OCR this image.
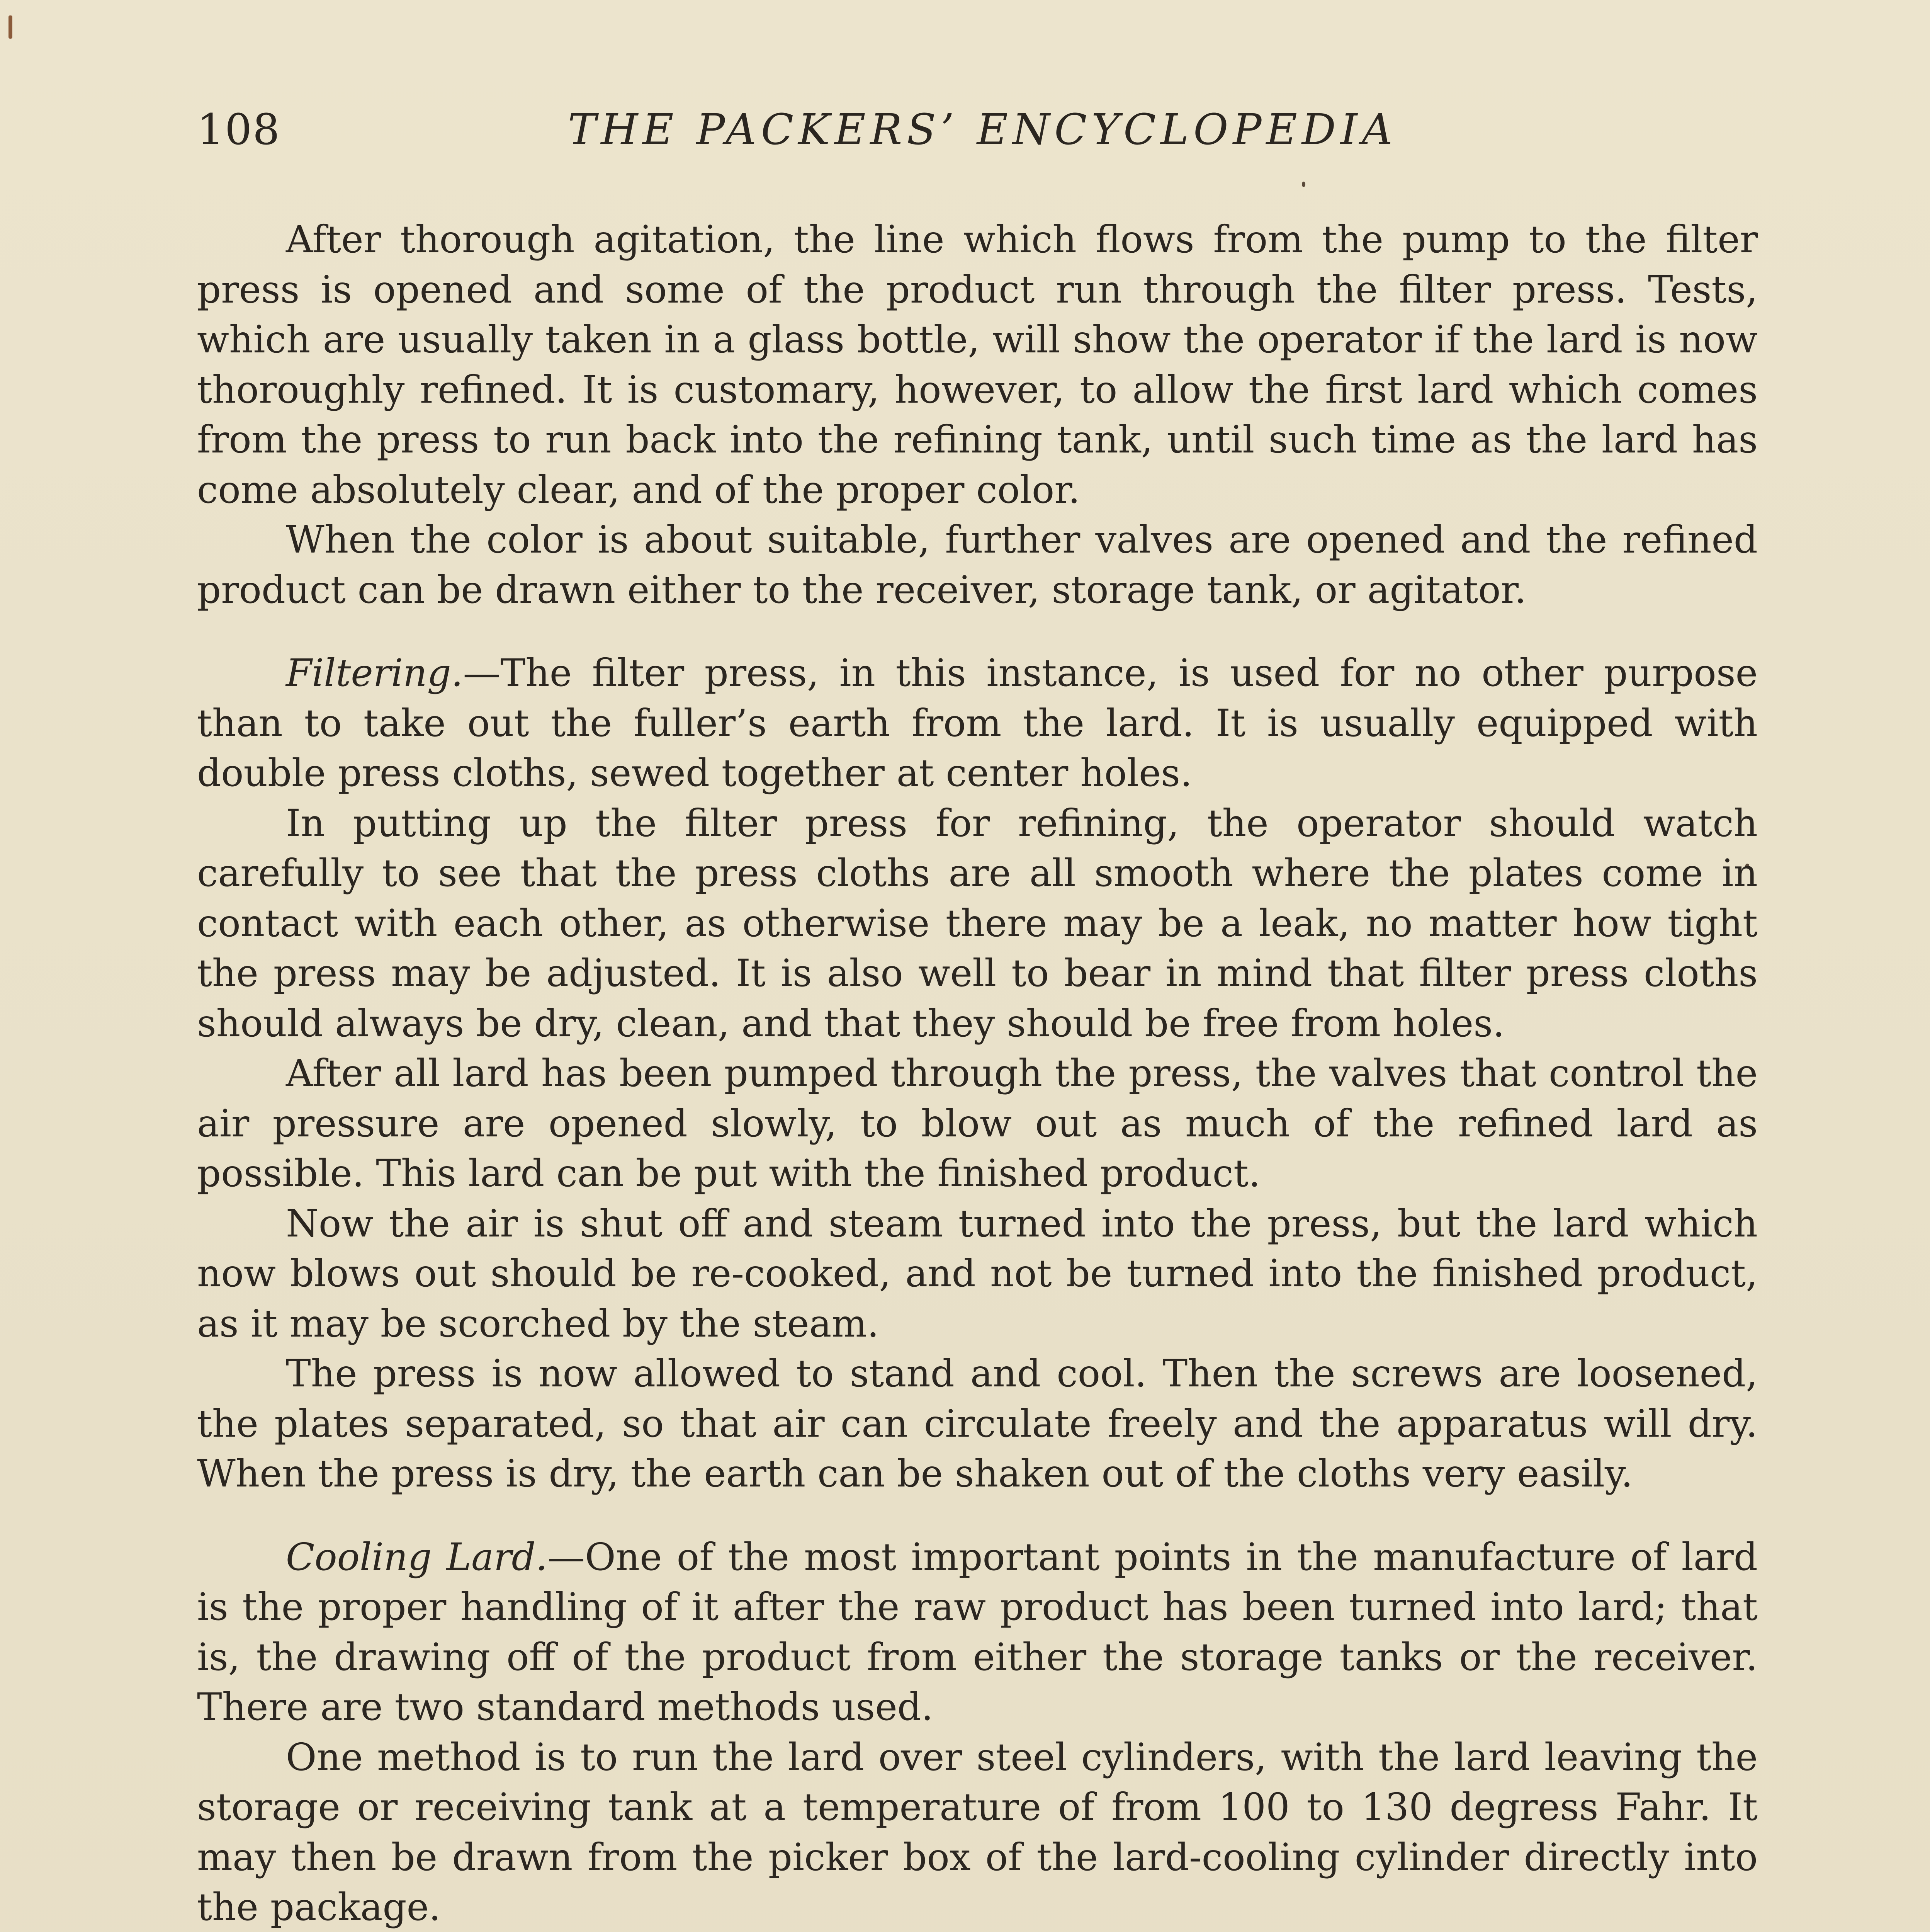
108	THE PACKERS’ ENCYCLOPEDIA

After thorough agitation, the line which flows from the pump to the filter press is opened and some of the product run through the filter press. Tests, which are usually taken in a glass bottle, will show the operator if the lard is now thoroughly refined. It is customary, however, to allow the first lard which comes from the press to run back into the refining tank, until such time as the lard has come absolutely clear, and of the proper color.

When the color is about suitable, further valves are opened and the refined product can be drawn either to the receiver, storage tank, or agitator.

Filtering.—The filter press, in this instance, is used for no other purpose than to take out the fuller’s earth from the lard. It is usually equipped with double press cloths, sewed together at center holes.

In putting up the filter press for refining, the operator should watch carefully to see that the press cloths are all smooth where the plates come in contact with each other, as otherwise there may be a leak, no matter how tight the press may be adjusted. It is also well to bear in mind that filter press cloths should always be dry, clean, and that they should be free from holes.

After all lard has been pumped through the press, the valves that control the air pressure are opened slowly, to blow out as much of the refined lard as possible. This lard can be put with the finished product.

Now the air is shut off and steam turned into the press, but the lard which now blows out should be re-cooked, and not be turned into the finished product, as it may be scorched by the steam.

The press is now allowed to stand and cool. Then the screws are loosened, the plates separated, so that air can circulate freely and the apparatus will dry. When the press is dry, the earth can be shaken out of the cloths very easily.

Cooling Lard.—One of the most important points in the manufacture of lard is the proper handling of it after the raw product has been turned into lard; that is, the drawing off of the product from either the storage tanks or the receiver. There are two standard methods used.

One method is to run the lard over steel cylinders, with the lard leaving the storage or receiving tank at a temperature of from 100 to 130 degress Fahr. It may then be drawn from the picker box of the lard-cooling cylinder directly into the package.
